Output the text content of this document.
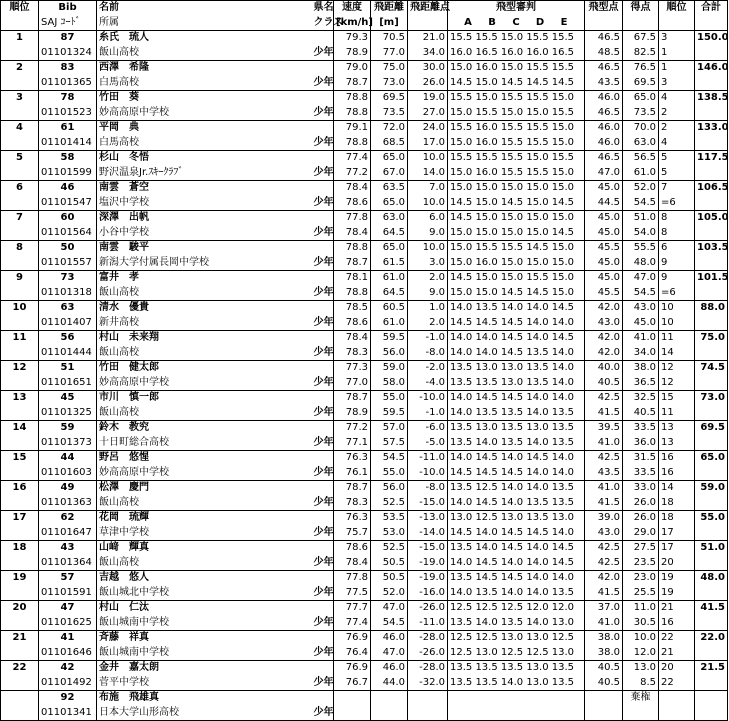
順位	Bib	名前	県名	速度	飛距離	飛距離点	飛型審判	飛型点	得点	順位	合計
	SAJ ｺｰﾄﾞ	所属	クラス	[km/h]	[m]		A B C D E				
1	87	糸氏　琉人		79.3	70.5	21.0	15.5 15.5 15.0 15.5 15.5	46.5	67.5	3	150.0
	01101324	飯山高校	少年	78.9	77.0	34.0	16.0 16.5 16.0 16.0 16.5	48.5	82.5	1	
2	83	西澤　希隆		79.0	75.0	30.0	15.0 16.0 15.0 15.5 15.5	46.5	76.5	1	146.0
	01101365	白馬高校	少年	78.7	73.0	26.0	14.5 15.0 14.5 14.5 14.5	43.5	69.5	3	
3	78	竹田　葵		78.8	69.5	19.0	15.5 15.0 15.5 15.5 15.0	46.0	65.0	4	138.5
	01101523	妙高高原中学校	少年	78.8	73.5	27.0	15.0 15.5 15.0 15.0 15.5	46.5	73.5	2	
4	61	平岡　典		79.1	72.0	24.0	15.5 16.0 15.5 15.5 15.0	46.0	70.0	2	133.0
	01101414	白馬高校	少年	78.8	68.5	17.0	15.0 16.0 15.5 15.5 15.0	46.0	63.0	4	
5	58	杉山　冬悟		77.4	65.0	10.0	15.5 15.5 15.5 15.0 15.5	46.5	56.5	5	117.5
	01101599	野沢温泉Jr.ｽｷｰｸﾗﾌﾞ	少年	77.2	67.0	14.0	15.0 16.0 15.5 15.5 15.0	47.0	61.0	5	
6	46	南雲　蒼空		78.4	63.5	7.0	15.0 15.0 15.0 15.0 15.0	45.0	52.0	7	106.5
	01101547	塩沢中学校	少年	78.6	65.0	10.0	14.5 15.0 14.5 15.0 14.5	44.5	54.5	=6	
7	60	深澤　出帆		77.8	63.0	6.0	14.5 15.0 15.0 15.0 15.0	45.0	51.0	8	105.0
	01101564	小谷中学校	少年	78.4	64.5	9.0	15.0 15.0 15.0 15.0 14.5	45.0	54.0	8	
8	50	南雲　駿平		78.8	65.0	10.0	15.0 15.5 15.5 14.5 15.0	45.5	55.5	6	103.5
	01101557	新潟大学付属長岡中学校	少年	78.7	61.5	3.0	15.0 16.0 15.0 15.0 15.0	45.0	48.0	9	
9	73	富井　孝		78.1	61.0	2.0	14.5 15.0 15.0 15.5 15.0	45.0	47.0	9	101.5
	01101318	飯山高校	少年	78.8	64.5	9.0	15.0 15.0 14.5 14.5 15.0	45.5	54.5	=6	
10	63	清水　優貴		78.5	60.5	1.0	14.0 13.5 14.0 14.0 14.5	42.0	43.0	10	88.0
	01101407	新井高校	少年	78.6	61.0	2.0	14.5 14.5 14.5 14.0 14.0	43.0	45.0	10	
11	56	村山　未来翔		78.4	59.5	-1.0	14.0 14.0 14.5 14.0 14.5	42.0	41.0	11	75.0
	01101444	飯山高校	少年	78.3	56.0	-8.0	14.0 14.0 14.5 13.5 14.0	42.0	34.0	14	
12	51	竹田　健太郎		77.3	59.0	-2.0	13.5 13.0 13.0 13.5 14.0	40.0	38.0	12	74.5
	01101651	妙高高原中学校	少年	77.0	58.0	-4.0	13.5 13.5 13.0 13.5 14.0	40.5	36.5	12	
13	45	市川　慎一郎		78.7	55.0	-10.0	14.0 14.5 14.5 14.0 14.0	42.5	32.5	15	73.0
	01101325	飯山高校	少年	78.9	59.5	-1.0	14.0 13.5 13.5 14.0 13.5	41.5	40.5	11	
14	59	鈴木　教究		77.2	57.0	-6.0	13.5 13.0 13.5 13.0 13.5	39.5	33.5	13	69.5
	01101373	十日町総合高校	少年	77.1	57.5	-5.0	13.5 14.0 13.5 14.0 13.5	41.0	36.0	13	
15	44	野呂　悠惺		76.3	54.5	-11.0	14.0 14.5 14.0 14.5 14.0	42.5	31.5	16	65.0
	01101603	妙高高原中学校	少年	76.1	55.0	-10.0	14.5 14.5 14.5 14.0 14.0	43.5	33.5	16	
16	49	松澤　慶門		78.7	56.0	-8.0	13.5 12.5 14.0 14.0 13.5	41.0	33.0	14	59.0
	01101363	飯山高校	少年	78.3	52.5	-15.0	14.0 14.5 14.0 13.5 13.5	41.5	26.0	18	
17	62	花岡　琉輝		76.3	53.5	-13.0	13.0 12.5 13.0 13.5 13.0	39.0	26.0	18	55.0
	01101647	草津中学校	少年	75.7	53.0	-14.0	14.5 14.0 14.5 14.5 14.0	43.0	29.0	17	
18	43	山﨑　輝真		78.6	52.5	-15.0	13.5 14.0 14.5 14.0 14.5	42.5	27.5	17	51.0
	01101364	飯山高校	少年	78.4	50.5	-19.0	14.0 14.5 14.0 14.0 14.5	42.5	23.5	20	
19	57	吉越　悠人		77.8	50.5	-19.0	13.5 14.5 14.5 14.0 14.0	42.0	23.0	19	48.0
	01101591	飯山城北中学校	少年	77.5	52.0	-16.0	14.0 13.5 14.0 14.0 13.5	41.5	25.5	19	
20	47	村山　仁汰		77.7	47.0	-26.0	12.5 12.5 12.5 12.0 12.0	37.0	11.0	21	41.5
	01101625	飯山城南中学校	少年	77.4	54.5	-11.0	13.5 14.0 13.5 14.0 13.0	41.0	30.5	16	
21	41	斉藤　祥真		76.9	46.0	-28.0	12.5 12.5 13.0 13.0 12.5	38.0	10.0	22	22.0
	01101646	飯山城南中学校	少年	76.4	47.0	-26.0	12.5 13.0 12.5 12.5 13.0	38.0	12.0	21	
22	42	金井　嘉太朗		76.9	46.0	-28.0	13.5 13.5 13.5 13.0 13.5	40.5	13.0	20	21.5
	01101492	菅平中学校	少年	76.7	44.0	-32.0	13.5 13.5 14.0 13.0 13.5	40.5	8.5	22	
	92	布施　飛雄真							棄権		
	01101341	日本大学山形高校	少年								
